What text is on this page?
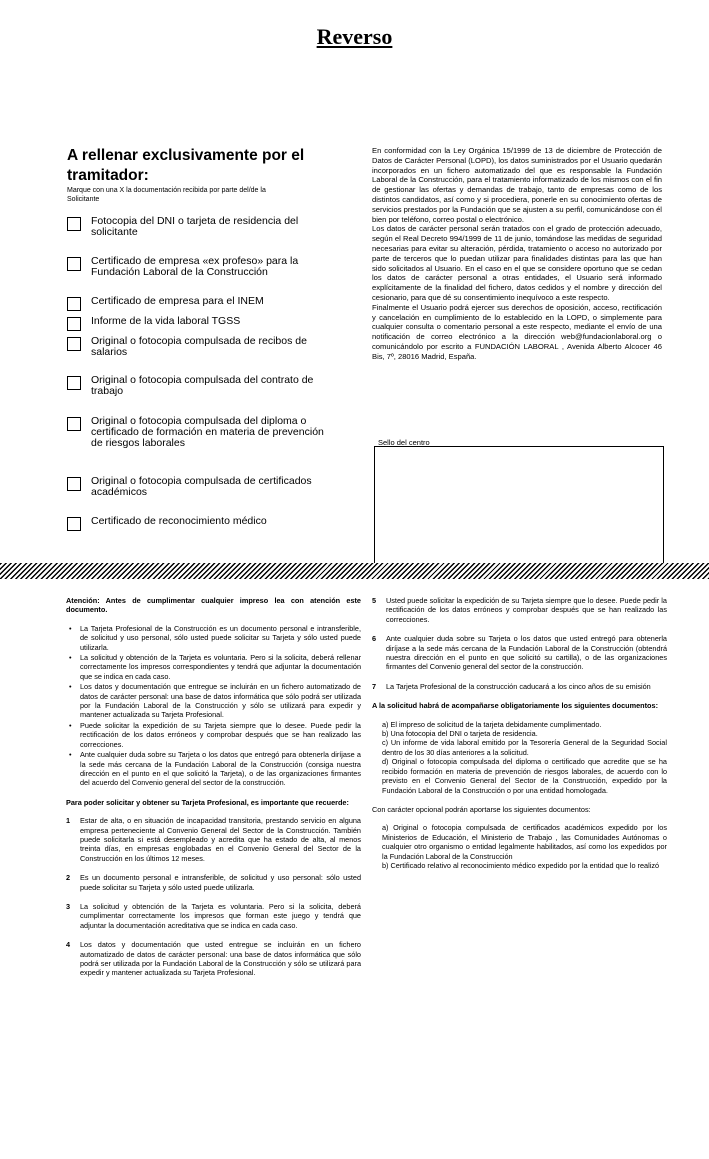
Reverso
A rellenar exclusivamente por el tramitador:
Marque con una X la documentación recibida por parte del/de la Solicitante
Fotocopia del DNI o tarjeta de residencia del solicitante
Certificado de empresa «ex profeso» para la Fundación Laboral de la Construcción
Certificado de empresa para el INEM
Informe de la vida laboral TGSS
Original o fotocopia compulsada de recibos de salarios
Original o fotocopia compulsada del contrato de trabajo
Original o fotocopia compulsada del diploma o certificado de formación en materia de prevención de riesgos laborales
Original o fotocopia compulsada de certificados académicos
Certificado de reconocimiento médico

En conformidad con la Ley Orgánica 15/1999 de 13 de diciembre de Protección de Datos de Carácter Personal (LOPD), los datos suministrados por el Usuario quedarán incorporados en un fichero automatizado del que es responsable la Fundación Laboral de la Construcción, para el tratamiento informatizado de los mismos con el fin de gestionar las ofertas y demandas de trabajo, tanto de empresas como de los distintos candidatos, así como y si procediera, ponerle en su conocimiento ofertas de servicios prestados por la Fundación que se ajusten a su perfil, comunicándose con él bien por teléfono, correo postal o electrónico.

Los datos de carácter personal serán tratados con el grado de protección adecuado, según el Real Decreto 994/1999 de 11 de junio, tomándose las medidas de seguridad necesarias para evitar su alteración, pérdida, tratamiento o acceso no autorizado por parte de terceros que lo puedan utilizar para finalidades distintas para las que han sido solicitados al Usuario. En el caso en el que se considere oportuno que se cedan los datos de carácter personal a otras entidades, el Usuario será informado explícitamente de la finalidad del fichero, datos cedidos y el nombre y dirección del cesionario, para que dé su consentimiento inequívoco a este respecto.

Finalmente el Usuario podrá ejercer sus derechos de oposición, acceso, rectificación y cancelación en cumplimiento de lo establecido en la LOPD, o simplemente para cualquier consulta o comentario personal a este respecto, mediante el envío de una notificación de correo electrónico a la dirección web@fundacionlaboral.org o comunicándolo por escrito a FUNDACIÓN LABORAL , Avenida Alberto Alcocer 46 Bis, 7º, 28016 Madrid, España.

Sello del centro

Atención: Antes de cumplimentar cualquier impreso lea con atención este documento.

• La Tarjeta Profesional de la Construcción es un documento personal e intransferible, de solicitud y uso personal, sólo usted puede solicitar su Tarjeta y sólo usted puede utilizarla.
• La solicitud y obtención de la Tarjeta es voluntaria. Pero si la solicita, deberá rellenar correctamente los impresos correspondientes y tendrá que adjuntar la documentación que se indica en cada caso.
• Los datos y documentación que entregue se incluirán en un fichero automatizado de datos de carácter personal: una base de datos informática que sólo podrá ser utilizada por la Fundación Laboral de la Construcción y sólo se utilizará para expedir y mantener actualizada su Tarjeta Profesional.
• Puede solicitar la expedición de su Tarjeta siempre que lo desee. Puede pedir la rectificación de los datos erróneos y comprobar después que se han realizado las correcciones.
• Ante cualquier duda sobre su Tarjeta o los datos que entregó para obtenerla diríjase a la sede más cercana de la Fundación Laboral de la Construcción (consiga nuestra dirección en el punto en el que solicitó la Tarjeta), o de las organizaciones firmantes del acuerdo del Convenio general del sector de la construcción.

Para poder solicitar y obtener su Tarjeta Profesional, es importante que recuerde:

1	Estar de alta, o en situación de incapacidad transitoria, prestando servicio en alguna empresa perteneciente al Convenio General del Sector de la Construcción. También puede solicitarla si está desempleado y acredita que ha estado de alta, al menos treinta días, en empresas englobadas en el Convenio General del Sector de la Construcción en los últimos 12 meses.
2	Es un documento personal e intransferible, de solicitud y uso personal: sólo usted puede solicitar su Tarjeta y sólo usted puede utilizarla.
3	La solicitud y obtención de la Tarjeta es voluntaria. Pero si la solicita, deberá cumplimentar correctamente los impresos que forman este juego y tendrá que adjuntar la documentación acreditativa que se indica en cada caso.
4	Los datos y documentación que usted entregue se incluirán en un fichero automatizado de datos de carácter personal: una base de datos informática que sólo podrá ser utilizada por la Fundación Laboral de la Construcción y sólo se utilizará para expedir y mantener actualizada su Tarjeta Profesional.
5	Usted puede solicitar la expedición de su Tarjeta siempre que lo desee. Puede pedir la rectificación de los datos erróneos y comprobar después que se han realizado las correcciones.
6	Ante cualquier duda sobre su Tarjeta o los datos que usted entregó para obtenerla diríjase a la sede más cercana de la Fundación Laboral de la Construcción (obtendrá nuestra dirección en el punto en que solicitó su cartilla), o de las organizaciones firmantes del Convenio general del sector de la construcción.
7	La Tarjeta Profesional de la construcción caducará a los cinco años de su emisión

A la solicitud habrá de acompañarse obligatoriamente los siguientes documentos:

a) El impreso de solicitud de la tarjeta debidamente cumplimentado.
b) Una fotocopia del DNI o tarjeta de residencia.
c) Un informe de vida laboral emitido por la Tesorería General de la Seguridad Social dentro de los 30 días anteriores a la solicitud.
d) Original o fotocopia compulsada del diploma o certificado que acredite que se ha recibido formación en materia de prevención de riesgos laborales, de acuerdo con lo previsto en el Convenio General del Sector de la Construcción, expedido por la Fundación Laboral de la Construcción o por una entidad homologada.

Con carácter opcional podrán aportarse los siguientes documentos:

a) Original o fotocopia compulsada de certificados académicos expedido por los Ministerios de Educación, el Ministerio de Trabajo , las Comunidades Autónomas o cualquier otro organismo o entidad legalmente habilitados, así como los expedidos por la Fundación Laboral de la Construcción
b) Certificado relativo al reconocimiento médico expedido por la entidad que lo realizó
